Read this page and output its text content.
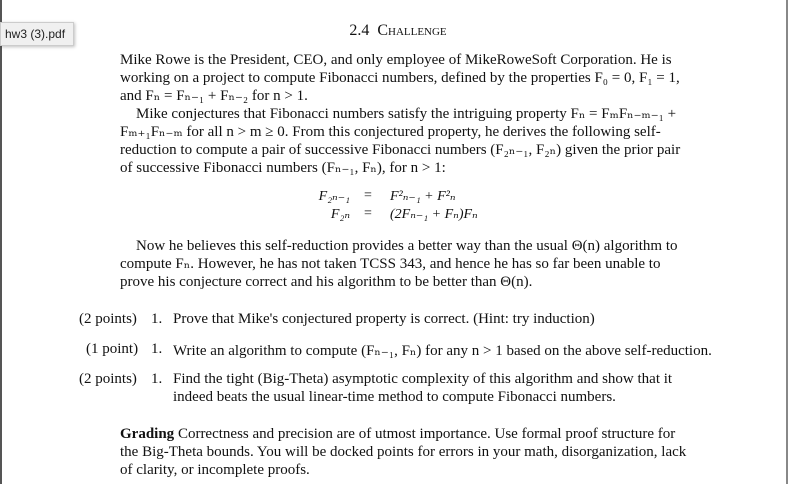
2.4 Challenge
hw3 (3).pdf
Mike Rowe is the President, CEO, and only employee of MikeRoweSoft Corporation. He is
working on a project to compute Fibonacci numbers, defined by the properties F₀ = 0, F₁ = 1,
and Fₙ = Fₙ₋₁ + Fₙ₋₂ for n > 1.
Mike conjectures that Fibonacci numbers satisfy the intriguing property Fₙ = FₘFₙ₋ₘ₋₁ +
Fₘ₊₁Fₙ₋ₘ for all n > m ≥ 0. From this conjectured property, he derives the following self-
reduction to compute a pair of successive Fibonacci numbers (F₂ₙ₋₁, F₂ₙ) given the prior pair
of successive Fibonacci numbers (Fₙ₋₁, Fₙ), for n > 1:
F₂ₙ₋₁ = F²ₙ₋₁ + F²ₙ
F₂ₙ = (2Fₙ₋₁ + Fₙ)Fₙ
Now he believes this self-reduction provides a better way than the usual Θ(n) algorithm to
compute Fₙ. However, he has not taken TCSS 343, and hence he has so far been unable to
prove his conjecture correct and his algorithm to be better than Θ(n).
(2 points) 1. Prove that Mike's conjectured property is correct. (Hint: try induction)
(1 point) 1. Write an algorithm to compute (Fₙ₋₁, Fₙ) for any n > 1 based on the above self-reduction.
(2 points) 1. Find the tight (Big-Theta) asymptotic complexity of this algorithm and show that it
indeed beats the usual linear-time method to compute Fibonacci numbers.
Grading Correctness and precision are of utmost importance. Use formal proof structure for
the Big-Theta bounds. You will be docked points for errors in your math, disorganization, lack
of clarity, or incomplete proofs.
